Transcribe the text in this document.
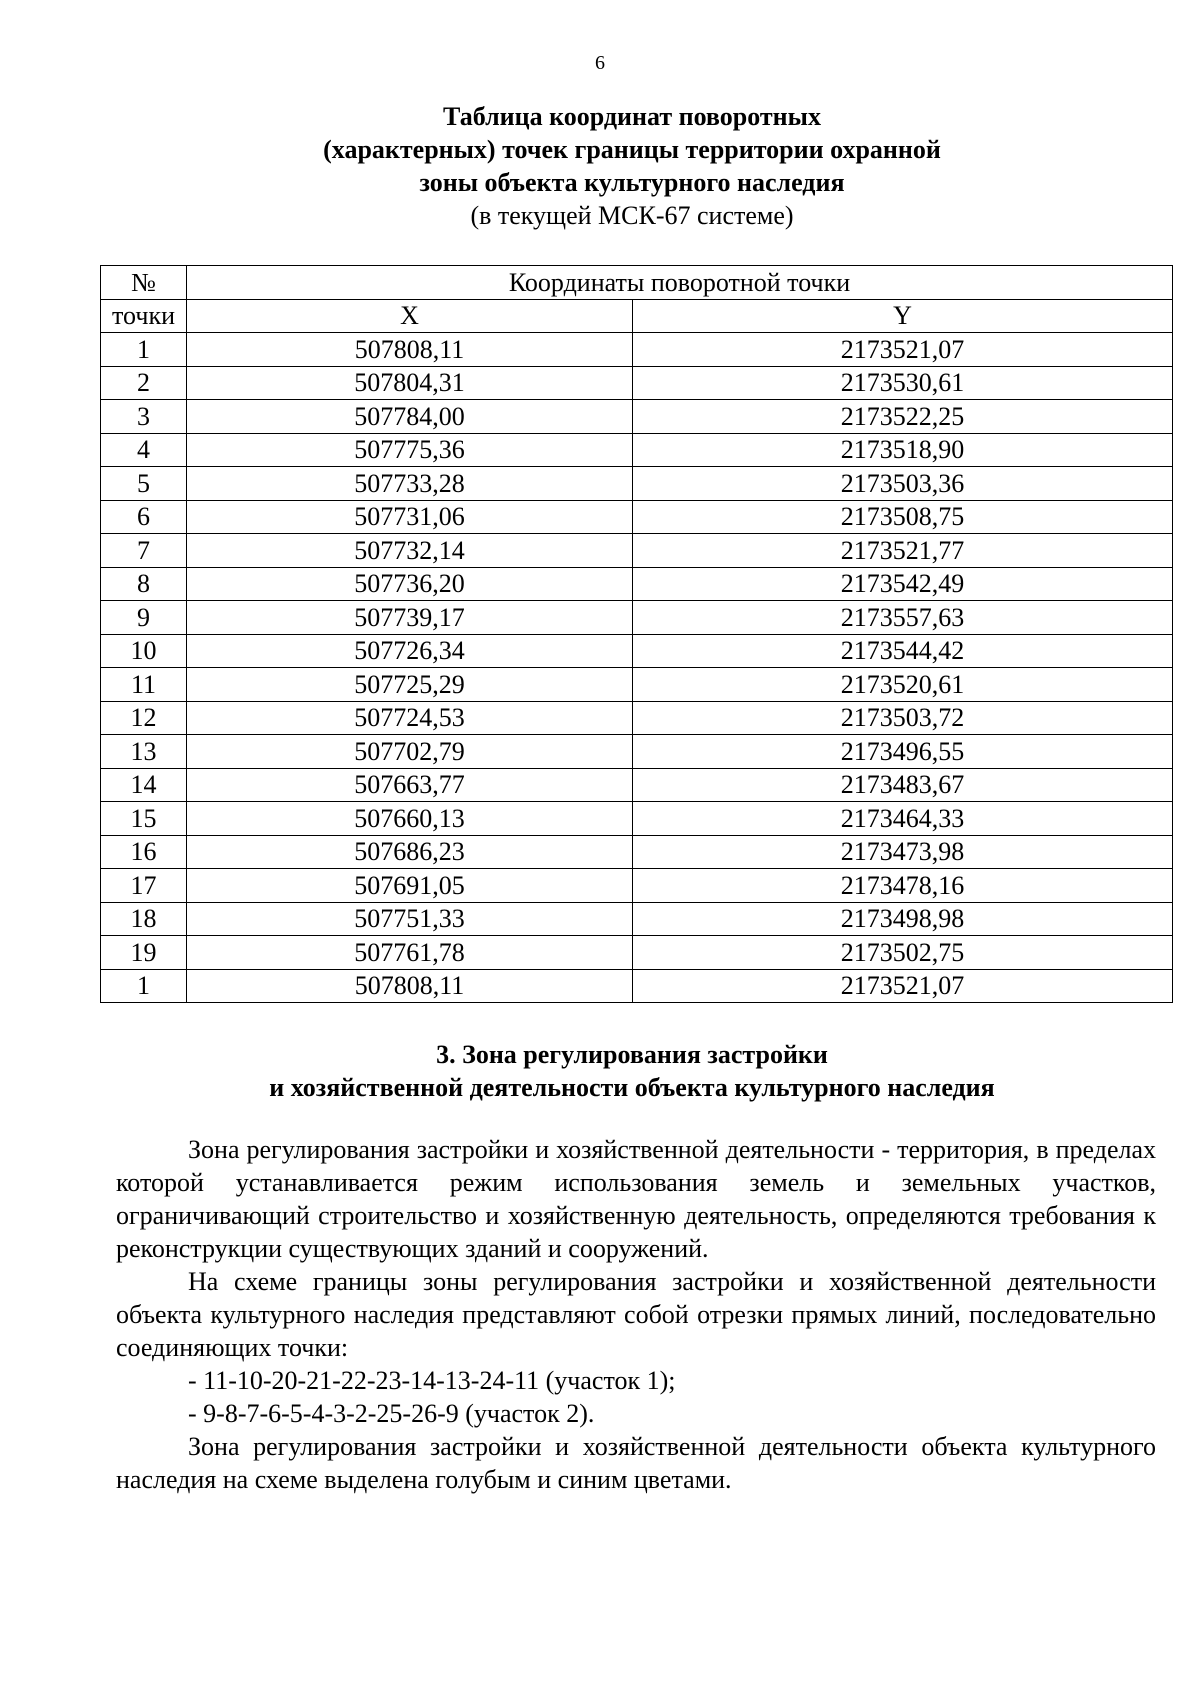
6
Таблица координат поворотных
(характерных) точек границы территории охранной
зоны объекта культурного наследия
(в текущей МСК-67 системе)
№	Координаты поворотной точки	
точки	X	Y
1	507808,11	2173521,07
2	507804,31	2173530,61
3	507784,00	2173522,25
4	507775,36	2173518,90
5	507733,28	2173503,36
6	507731,06	2173508,75
7	507732,14	2173521,77
8	507736,20	2173542,49
9	507739,17	2173557,63
10	507726,34	2173544,42
11	507725,29	2173520,61
12	507724,53	2173503,72
13	507702,79	2173496,55
14	507663,77	2173483,67
15	507660,13	2173464,33
16	507686,23	2173473,98
17	507691,05	2173478,16
18	507751,33	2173498,98
19	507761,78	2173502,75
1	507808,11	2173521,07
3. Зона регулирования застройки
и хозяйственной деятельности объекта культурного наследия

Зона регулирования застройки и хозяйственной деятельности - территория, в пределах которой устанавливается режим использования земель и земельных участков, ограничивающий строительство и хозяйственную деятельность, определяются требования к реконструкции существующих зданий и сооружений.

На схеме границы зоны регулирования застройки и хозяйственной деятельности объекта культурного наследия представляют собой отрезки прямых линий, последовательно соединяющих точки:

- 11-10-20-21-22-23-14-13-24-11 (участок 1);

- 9-8-7-6-5-4-3-2-25-26-9 (участок 2).

Зона регулирования застройки и хозяйственной деятельности объекта культурного наследия на схеме выделена голубым и синим цветами.
